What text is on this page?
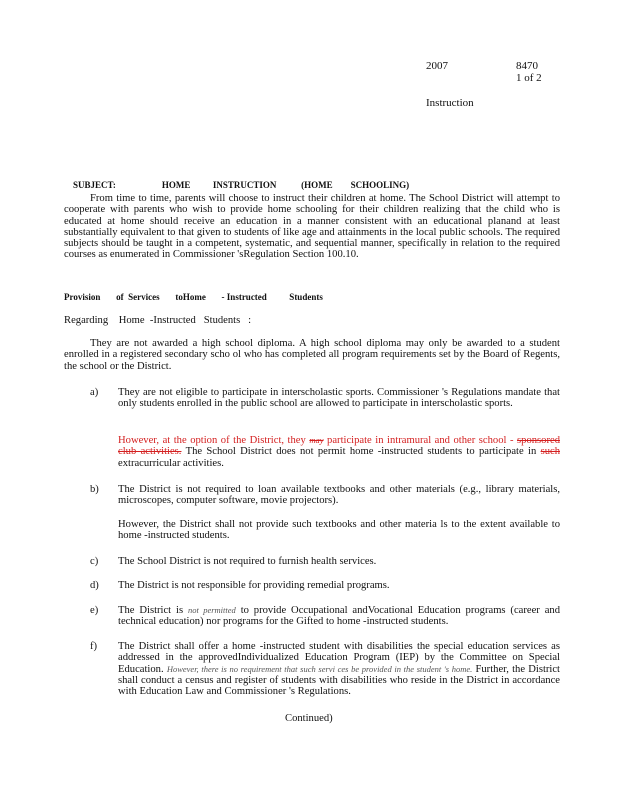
2007	8470
1 of 2
Instruction

SUBJECT:	HOME          INSTRUCTION           (HOME        SCHOOLING)

From time to time, parents will choose to instruct their children at home. The School District will attempt to cooperate with parents who wish to provide home schooling for their children realizing that the child who is educated at home should receive an education in a manner consistent with an educational planand at least substantially equivalent to that given to students of like age and attainments in the local public schools. The required subjects should be taught in a competent, systematic, and sequential manner, specifically in relation to the required courses as enumerated in Commissioner 'sRegulation Section 100.10.
Provision       of  Services       toHome       - Instructed          Students
Regarding    Home  -Instructed   Students   :
They are not awarded a high school diploma. A high school diploma may only be awarded to a student enrolled in a registered secondary scho ol who has completed all program requirements set by the Board of Regents, the school or the District.
a) They are not eligible to participate in interscholastic sports. Commissioner 's Regulations mandate that only students enrolled in the public school are allowed to participate in interscholastic sports.
However, at the option of the District, they may participate in intramural and other school - sponsored club activities. The School District does not permit home -instructed students to participate in such extracurricular activities.
b) The District is not required to loan available textbooks and other materials (e.g., library materials, microscopes, computer software, movie projectors).
However, the District shall not provide such textbooks and other materia ls to the extent available to home -instructed students.
c) The School District is not required to furnish health services.
d) The District is not responsible for providing remedial programs.
e) The District is not permitted to provide Occupational andVocational Education programs (career and technical education) nor programs for the Gifted to home -instructed students.
f) The District shall offer a home -instructed student with disabilities the special education services as addressed in the approvedIndividualized Education Program (IEP) by the Committee on Special Education. However, there is no requirement that such servi ces be provided in the student 's home. Further, the District shall conduct a census and register of students with disabilities who reside in the District in accordance with Education Law and Commissioner 's Regulations.
Continued)
